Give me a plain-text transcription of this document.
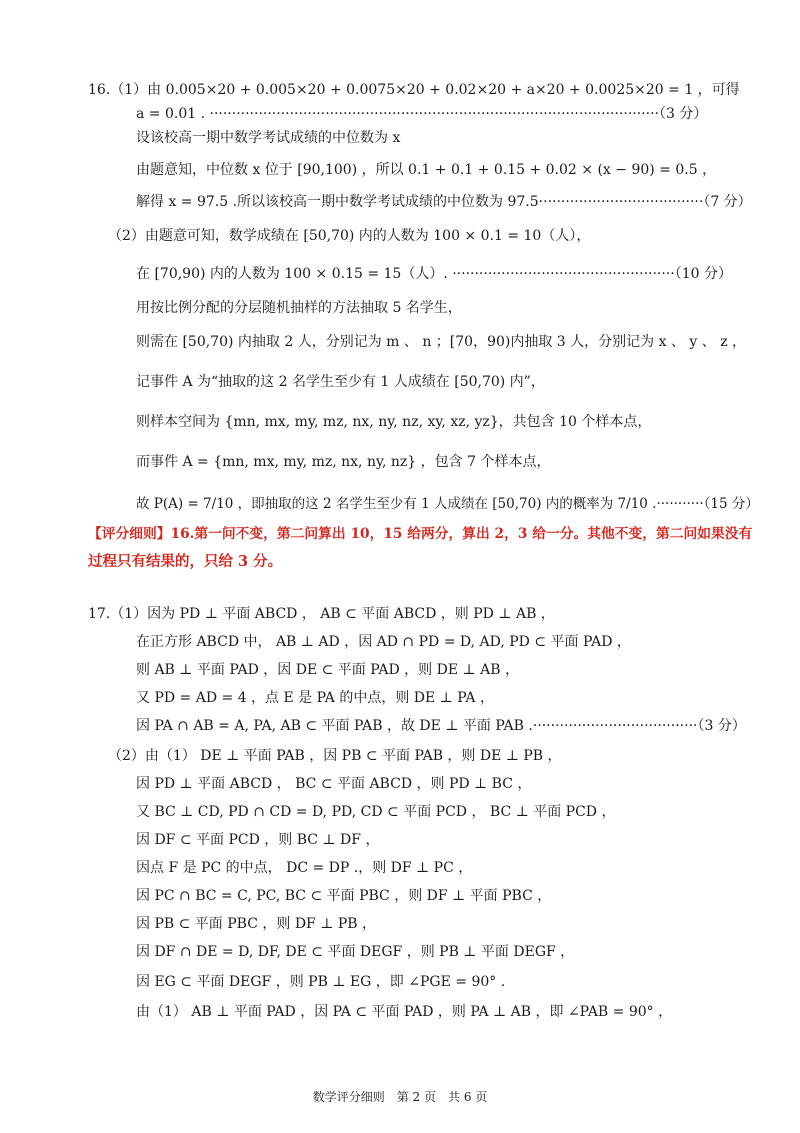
16.（1）由 0.005×20 + 0.005×20 + 0.0075×20 + 0.02×20 + a×20 + 0.0025×20 = 1 ，可得
a = 0.01 . ·····································································································（3 分）
设该校高一期中数学考试成绩的中位数为 x
由题意知，中位数 x 位于 [90,100) ，所以 0.1 + 0.1 + 0.15 + 0.02 × (x − 90) = 0.5 ，
解得 x = 97.5 .所以该校高一期中数学考试成绩的中位数为 97.5·····································（7 分）
（2）由题意可知，数学成绩在 [50,70) 内的人数为 100 × 0.1 = 10（人），
在 [70,90) 内的人数为 100 × 0.15 = 15（人）. ··················································（10 分）
用按比例分配的分层随机抽样的方法抽取 5 名学生，
则需在 [50,70) 内抽取 2 人，分别记为 m 、 n ；[70，90)内抽取 3 人，分别记为 x 、 y 、 z ，
记事件 A 为“抽取的这 2 名学生至少有 1 人成绩在 [50,70) 内”，
则样本空间为 {mn, mx, my, mz, nx, ny, nz, xy, xz, yz}，共包含 10 个样本点，
而事件 A = {mn, mx, my, mz, nx, ny, nz} ，包含 7 个样本点，
故 P(A) = 7/10 ，即抽取的这 2 名学生至少有 1 人成绩在 [50,70) 内的概率为 7/10 .···········（15 分）
【评分细则】16.第一问不变，第二问算出 10，15 给两分，算出 2，3 给一分。其他不变，第二问如果没有
过程只有结果的，只给 3 分。
17.（1）因为 PD ⊥ 平面 ABCD ， AB ⊂ 平面 ABCD ，则 PD ⊥ AB ，
在正方形 ABCD 中， AB ⊥ AD ，因 AD ∩ PD = D, AD, PD ⊂ 平面 PAD ，
则 AB ⊥ 平面 PAD ，因 DE ⊂ 平面 PAD ，则 DE ⊥ AB ，
又 PD = AD = 4 ，点 E 是 PA 的中点，则 DE ⊥ PA ，
因 PA ∩ AB = A, PA, AB ⊂ 平面 PAB ，故 DE ⊥ 平面 PAB .·····································（3 分）
（2）由（1） DE ⊥ 平面 PAB ，因 PB ⊂ 平面 PAB ，则 DE ⊥ PB ，
因 PD ⊥ 平面 ABCD ， BC ⊂ 平面 ABCD ，则 PD ⊥ BC ，
又 BC ⊥ CD, PD ∩ CD = D, PD, CD ⊂ 平面 PCD ， BC ⊥ 平面 PCD ，
因 DF ⊂ 平面 PCD ，则 BC ⊥ DF ，
因点 F 是 PC 的中点， DC = DP .，则 DF ⊥ PC ，
因 PC ∩ BC = C, PC, BC ⊂ 平面 PBC ，则 DF ⊥ 平面 PBC ，
因 PB ⊂ 平面 PBC ，则 DF ⊥ PB ，
因 DF ∩ DE = D, DF, DE ⊂ 平面 DEGF ，则 PB ⊥ 平面 DEGF ，
因 EG ⊂ 平面 DEGF ，则 PB ⊥ EG ，即 ∠PGE = 90° .
由（1） AB ⊥ 平面 PAD ，因 PA ⊂ 平面 PAD ，则 PA ⊥ AB ，即 ∠PAB = 90° ，
数学评分细则　第 2 页　共 6 页
